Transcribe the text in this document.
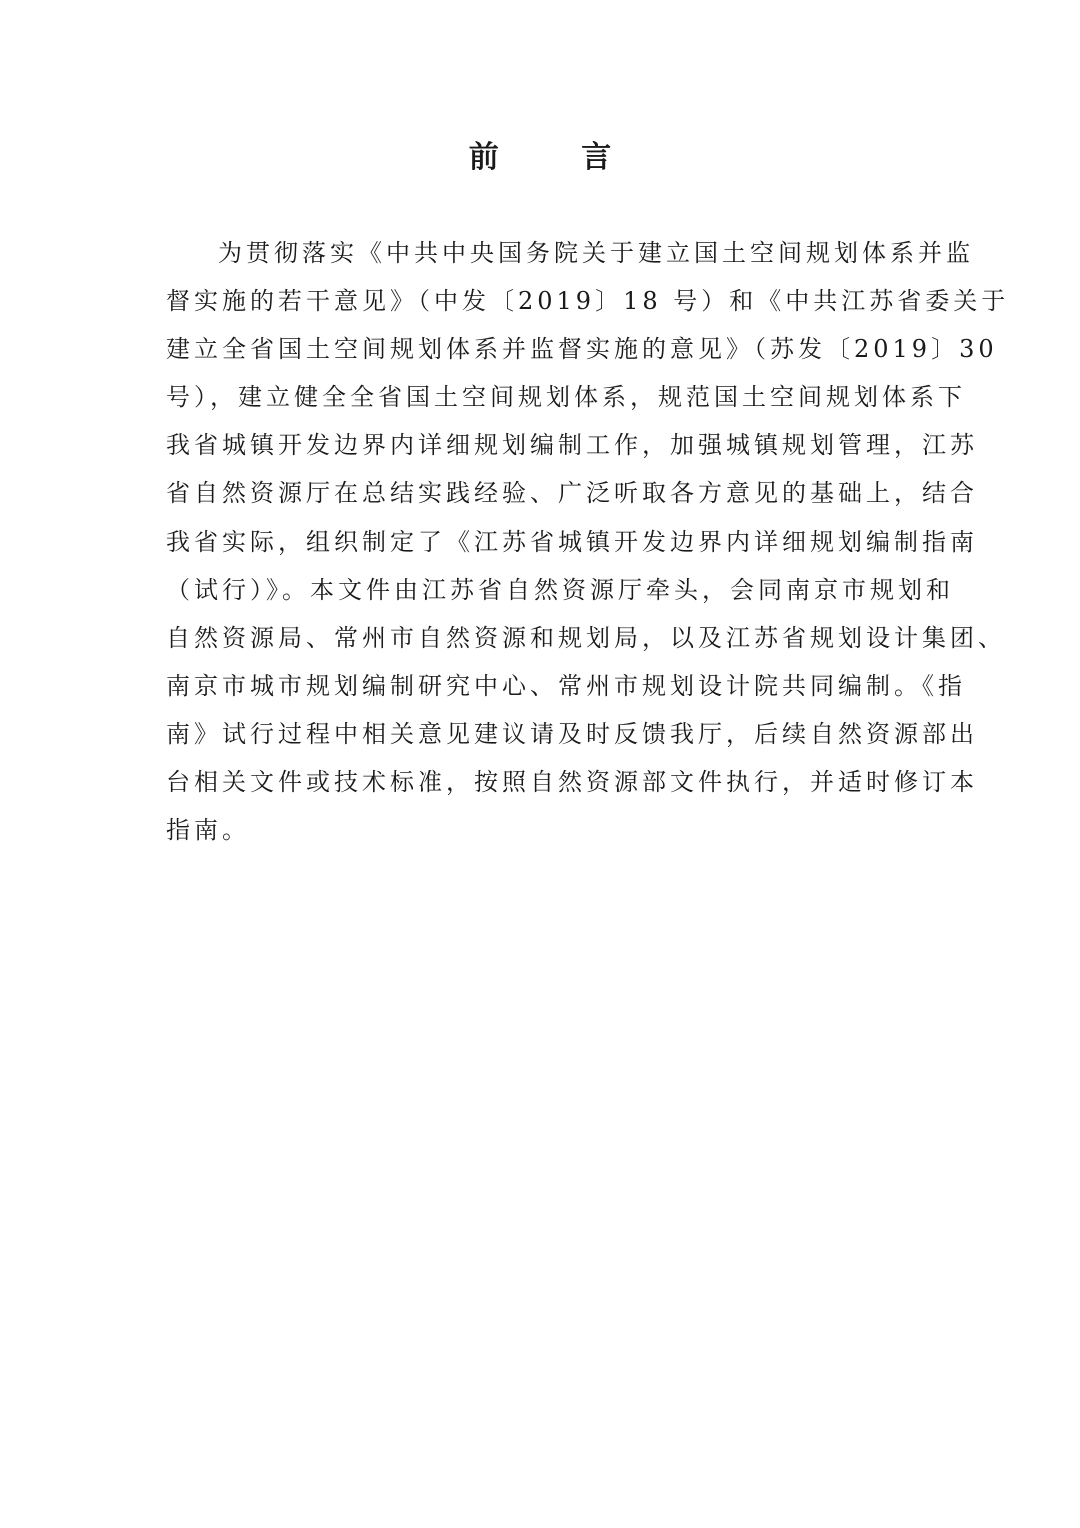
前 言
为贯彻落实《中共中央国务院关于建立国土空间规划体系并监
督实施的若干意见》（中发〔2019〕18 号）和《中共江苏省委关于
建立全省国土空间规划体系并监督实施的意见》（苏发〔2019〕30
号），建立健全全省国土空间规划体系，规范国土空间规划体系下
我省城镇开发边界内详细规划编制工作，加强城镇规划管理，江苏
省自然资源厅在总结实践经验、广泛听取各方意见的基础上，结合
我省实际，组织制定了《江苏省城镇开发边界内详细规划编制指南
（试行）》。本文件由江苏省自然资源厅牵头，会同南京市规划和
自然资源局、常州市自然资源和规划局，以及江苏省规划设计集团、
南京市城市规划编制研究中心、常州市规划设计院共同编制。《指
南》试行过程中相关意见建议请及时反馈我厅，后续自然资源部出
台相关文件或技术标准，按照自然资源部文件执行，并适时修订本
指南。
